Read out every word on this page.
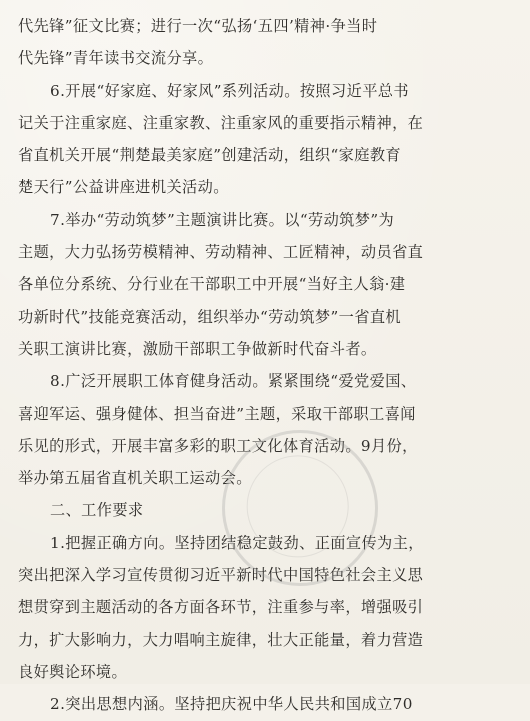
代先锋”征文比赛；进行一次“弘扬‘五四’精神·争当时
代先锋”青年读书交流分享。
6.开展“好家庭、好家风”系列活动。按照习近平总书
记关于注重家庭、注重家教、注重家风的重要指示精神，在
省直机关开展“荆楚最美家庭”创建活动，组织“家庭教育
楚天行”公益讲座进机关活动。
7.举办“劳动筑梦”主题演讲比赛。以“劳动筑梦”为
主题，大力弘扬劳模精神、劳动精神、工匠精神，动员省直
各单位分系统、分行业在干部职工中开展“当好主人翁·建
功新时代”技能竞赛活动，组织举办“劳动筑梦”一省直机
关职工演讲比赛，激励干部职工争做新时代奋斗者。
8.广泛开展职工体育健身活动。紧紧围绕“爱党爱国、
喜迎军运、强身健体、担当奋进”主题，采取干部职工喜闻
乐见的形式，开展丰富多彩的职工文化体育活动。9月份，
举办第五届省直机关职工运动会。
二、工作要求
1.把握正确方向。坚持团结稳定鼓劲、正面宣传为主，
突出把深入学习宣传贯彻习近平新时代中国特色社会主义思
想贯穿到主题活动的各方面各环节，注重参与率，增强吸引
力，扩大影响力，大力唱响主旋律，壮大正能量，着力营造
良好舆论环境。
2.突出思想内涵。坚持把庆祝中华人民共和国成立70
